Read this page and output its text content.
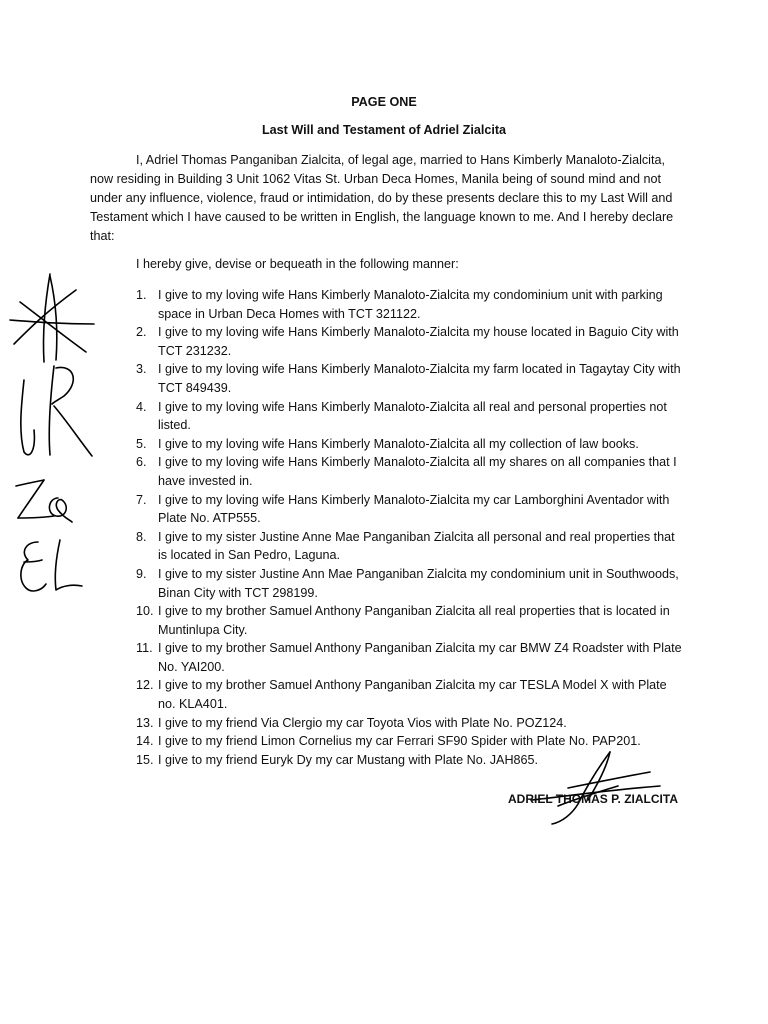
PAGE ONE
Last Will and Testament of Adriel Zialcita

I, Adriel Thomas Panganiban Zialcita, of legal age, married to Hans Kimberly Manaloto-Zialcita, now residing in Building 3 Unit 1062 Vitas St. Urban Deca Homes, Manila being of sound mind and not under any influence, violence, fraud or intimidation, do by these presents declare this to my Last Will and Testament which I have caused to be written in English, the language known to me. And I hereby declare that:

I hereby give, devise or bequeath in the following manner:

1. I give to my loving wife Hans Kimberly Manaloto-Zialcita my condominium unit with parking space in Urban Deca Homes with TCT 321122.
2. I give to my loving wife Hans Kimberly Manaloto-Zialcita my house located in Baguio City with TCT 231232.
3. I give to my loving wife Hans Kimberly Manaloto-Zialcita my farm located in Tagaytay City with TCT 849439.
4. I give to my loving wife Hans Kimberly Manaloto-Zialcita all real and personal properties not listed.
5. I give to my loving wife Hans Kimberly Manaloto-Zialcita all my collection of law books.
6. I give to my loving wife Hans Kimberly Manaloto-Zialcita all my shares on all companies that I have invested in.
7. I give to my loving wife Hans Kimberly Manaloto-Zialcita my car Lamborghini Aventador with Plate No. ATP555.
8. I give to my sister Justine Anne Mae Panganiban Zialcita all personal and real properties that is located in San Pedro, Laguna.
9. I give to my sister Justine Ann Mae Panganiban Zialcita my condominium unit in Southwoods, Binan City with TCT 298199.
10. I give to my brother Samuel Anthony Panganiban Zialcita all real properties that is located in Muntinlupa City.
11. I give to my brother Samuel Anthony Panganiban Zialcita my car BMW Z4 Roadster with Plate No. YAI200.
12. I give to my brother Samuel Anthony Panganiban Zialcita my car TESLA Model X with Plate no. KLA401.
13. I give to my friend Via Clergio my car Toyota Vios with Plate No. POZ124.
14. I give to my friend Limon Cornelius my car Ferrari SF90 Spider with Plate No. PAP201.
15. I give to my friend Euryk Dy my car Mustang with Plate No. JAH865.
ADRIEL THOMAS P. ZIALCITA
